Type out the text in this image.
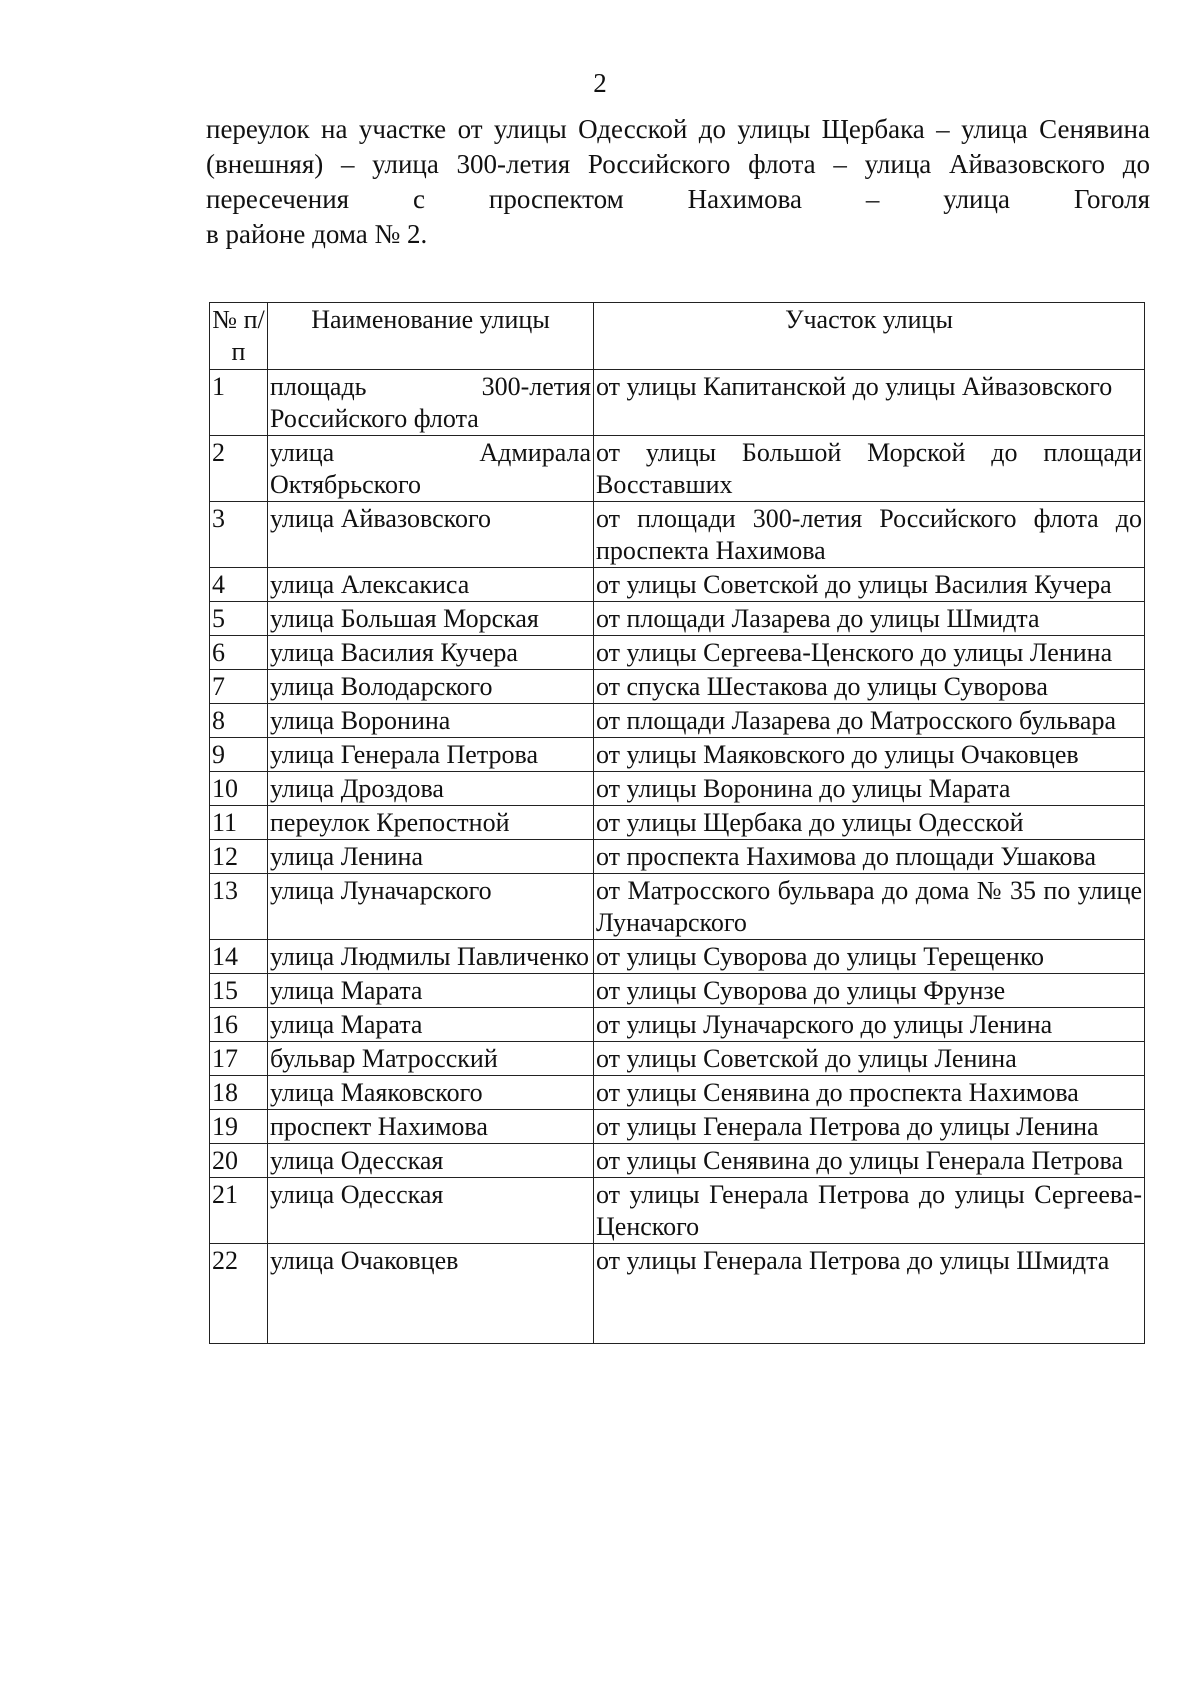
2
переулок на участке от улицы Одесской до улицы Щербака – улица Сенявина
(внешняя) – улица 300-летия Российского флота – улица Айвазовского до
пересечения с проспектом Нахимова – улица Гоголя
в районе дома № 2.
№ п/п	Наименование улицы	Участок улицы
1	площадь 300-летия Российского флота	от улицы Капитанской до улицы Айвазовского
2	улица Адмирала Октябрьского	от улицы Большой Морской до площади Восставших
3	улица Айвазовского	от площади 300-летия Российского флота до проспекта Нахимова
4	улица Алексакиса	от улицы Советской до улицы Василия Кучера
5	улица Большая Морская	от площади Лазарева до улицы Шмидта
6	улица Василия Кучера	от улицы Сергеева-Ценского до улицы Ленина
7	улица Володарского	от спуска Шестакова до улицы Суворова
8	улица Воронина	от площади Лазарева до Матросского бульвара
9	улица Генерала Петрова	от улицы Маяковского до улицы Очаковцев
10	улица Дроздова	от улицы Воронина до улицы Марата
11	переулок Крепостной	от улицы Щербака до улицы Одесской
12	улица Ленина	от проспекта Нахимова до площади Ушакова
13	улица Луначарского	от Матросского бульвара до дома № 35 по улице Луначарского
14	улица Людмилы Павличенко	от улицы Суворова до улицы Терещенко
15	улица Марата	от улицы Суворова до улицы Фрунзе
16	улица Марата	от улицы Луначарского до улицы Ленина
17	бульвар Матросский	от улицы Советской до улицы Ленина
18	улица Маяковского	от улицы Сенявина до проспекта Нахимова
19	проспект Нахимова	от улицы Генерала Петрова до улицы Ленина
20	улица Одесская	от улицы Сенявина до улицы Генерала Петрова
21	улица Одесская	от улицы Генерала Петрова до улицы Сергеева-Ценского
22	улица Очаковцев	от улицы Генерала Петрова до улицы Шмидта
